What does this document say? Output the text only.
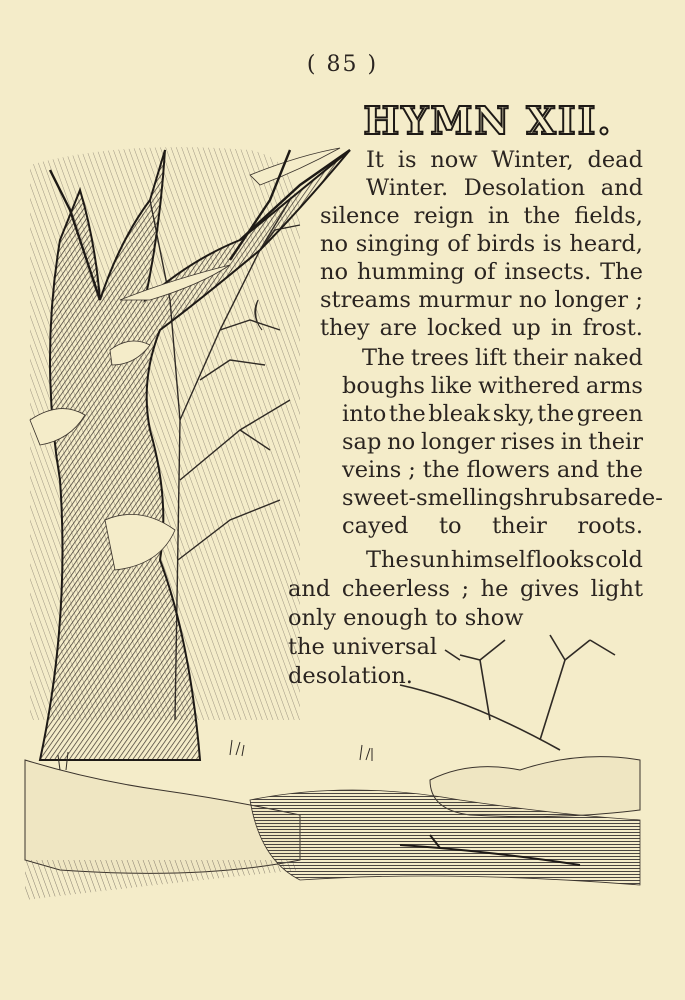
( 85 )
HYMN XII.
It is now Winter, dead
Winter. Desolation and
silence reign in the fields,
no singing of birds is heard,
no humming of insects. The
streams murmur no longer ;
they are locked up in frost.
The trees lift their naked
boughs like withered arms
into the bleak sky, the green
sap no longer rises in their
veins ; the flowers and the
sweet-smelling shrubs are de-
cayed to their roots.
The sun himself looks cold
and cheerless ; he gives light
only enough to show
the universal
desolation.
